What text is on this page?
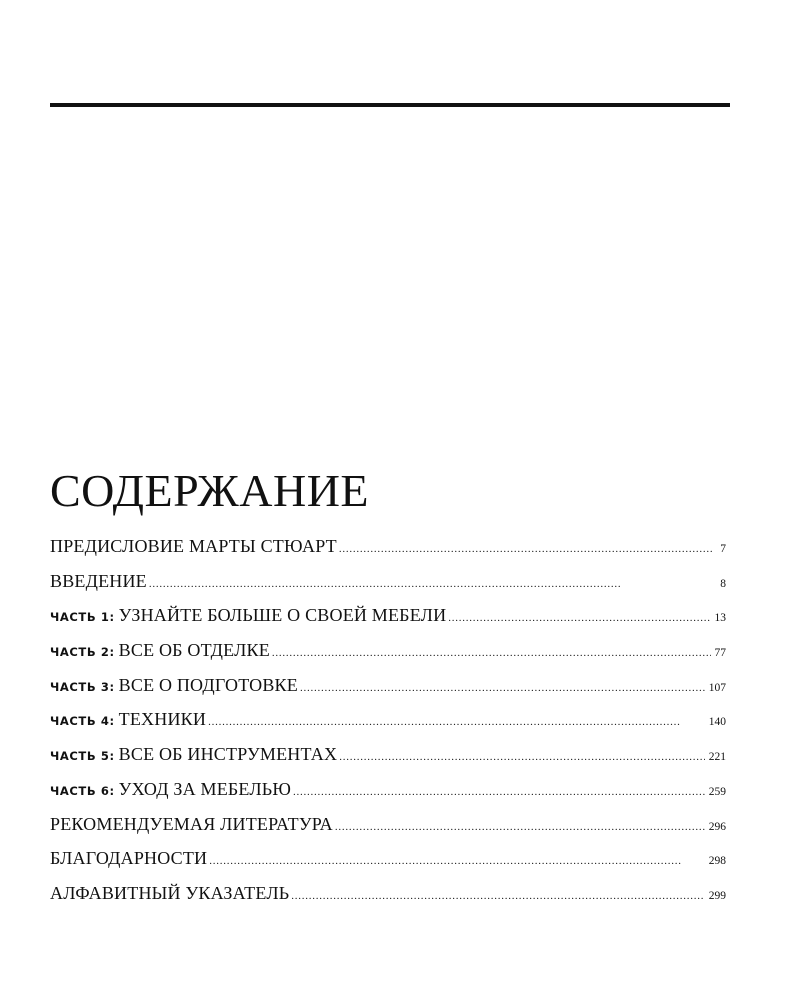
СОДЕРЖАНИЕ
ПРЕДИСЛОВИЕ МАРТЫ СТЮАРТ . . .	7
ВВЕДЕНИЕ . . .	8
ЧАСТЬ 1: УЗНАЙТЕ БОЛЬШЕ О СВОЕЙ МЕБЕЛИ . . .	13
ЧАСТЬ 2: ВСЕ ОБ ОТДЕЛКЕ . . .	77
ЧАСТЬ 3: ВСЕ О ПОДГОТОВКЕ . . .	107
ЧАСТЬ 4: ТЕХНИКИ . . .	140
ЧАСТЬ 5: ВСЕ ОБ ИНСТРУМЕНТАХ . . .	221
ЧАСТЬ 6: УХОД ЗА МЕБЕЛЬЮ . . .	259
РЕКОМЕНДУЕМАЯ ЛИТЕРАТУРА . . .	296
БЛАГОДАРНОСТИ . . .	298
АЛФАВИТНЫЙ УКАЗАТЕЛЬ . . .	299
